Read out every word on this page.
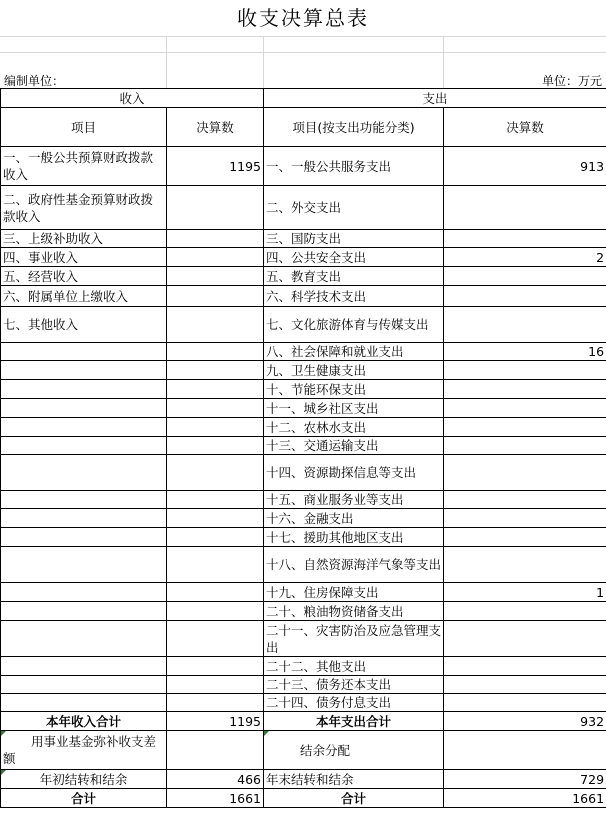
收支决算总表
编制单位：	单位：万元
收入		支出	
项目	决算数	项目(按支出功能分类)	决算数
一、一般公共预算财政拨款收入	1195	一、一般公共服务支出	913
二、政府性基金预算财政拨款收入		二、外交支出	
三、上级补助收入		三、国防支出	
四、事业收入		四、公共安全支出	2
五、经营收入		五、教育支出	
六、附属单位上缴收入		六、科学技术支出	
七、其他收入		七、文化旅游体育与传媒支出	
		八、社会保障和就业支出	16
		九、卫生健康支出	
		十、节能环保支出	
		十一、城乡社区支出	
		十二、农林水支出	
		十三、交通运输支出	
		十四、资源勘探信息等支出	
		十五、商业服务业等支出	
		十六、金融支出	
		十七、援助其他地区支出	
		十八、自然资源海洋气象等支出	
		十九、住房保障支出	1
		二十、粮油物资储备支出	
		二十一、灾害防治及应急管理支出	
		二十二、其他支出	
		二十三、债务还本支出	
		二十四、债务付息支出	
本年收入合计	1195	本年支出合计	932
用事业基金弥补收支差额		结余分配	
年初结转和结余	466	年末结转和结余	729
合计	1661	合计	1661
